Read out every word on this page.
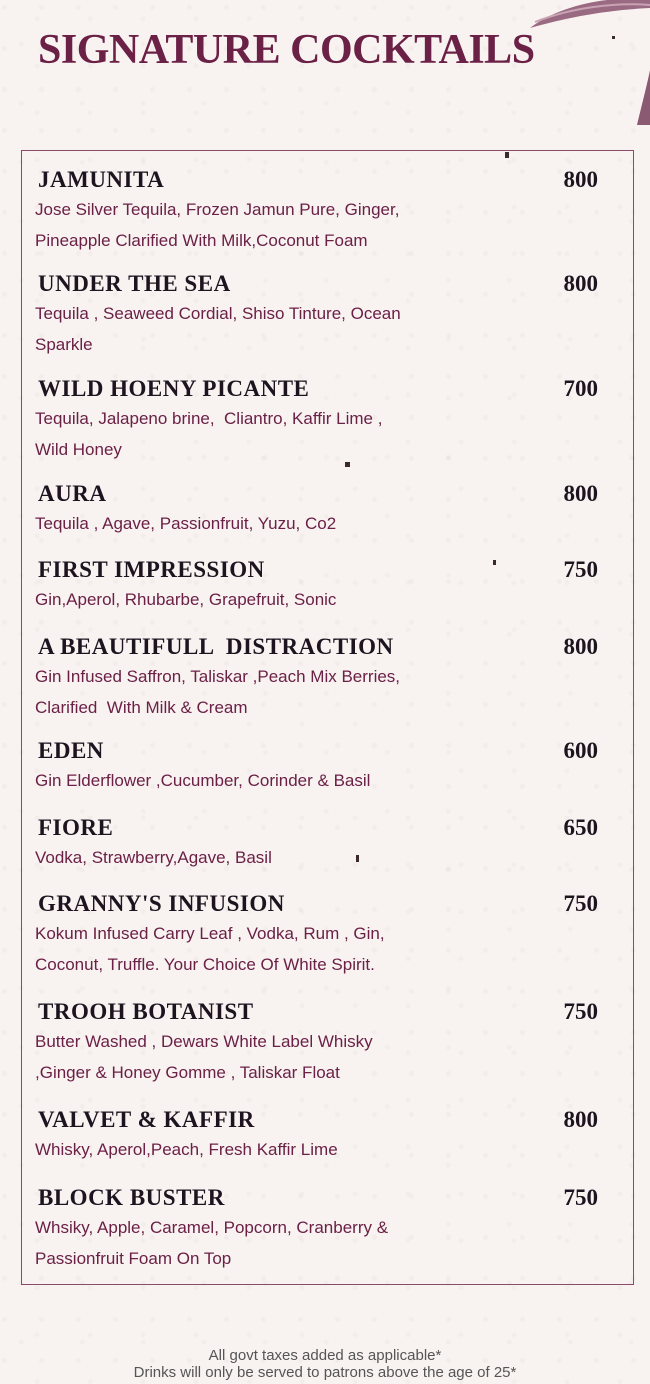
SIGNATURE COCKTAILS
JAMUNITA	800
Jose Silver Tequila, Frozen Jamun Pure, Ginger,
Pineapple Clarified With Milk,Coconut Foam
UNDER THE SEA	800
Tequila , Seaweed Cordial, Shiso Tinture, Ocean
Sparkle
WILD HOENY PICANTE	700
Tequila, Jalapeno brine,  Cliantro, Kaffir Lime ,
Wild Honey
AURA	800
Tequila , Agave, Passionfruit, Yuzu, Co2
FIRST IMPRESSION	750
Gin,Aperol, Rhubarbe, Grapefruit, Sonic
A BEAUTIFULL  DISTRACTION	800
Gin Infused Saffron, Taliskar ,Peach Mix Berries,
Clarified  With Milk & Cream
EDEN	600
Gin Elderflower ,Cucumber, Corinder & Basil
FIORE	650
Vodka, Strawberry,Agave, Basil
GRANNY'S INFUSION	750
Kokum Infused Carry Leaf , Vodka, Rum , Gin,
Coconut, Truffle. Your Choice Of White Spirit.
TROOH BOTANIST	750
Butter Washed , Dewars White Label Whisky
,Ginger & Honey Gomme , Taliskar Float
VALVET & KAFFIR	800
Whisky, Aperol,Peach, Fresh Kaffir Lime
BLOCK BUSTER	750
Whsiky, Apple, Caramel, Popcorn, Cranberry &
Passionfruit Foam On Top
All govt taxes added as applicable*
Drinks will only be served to patrons above the age of 25*
